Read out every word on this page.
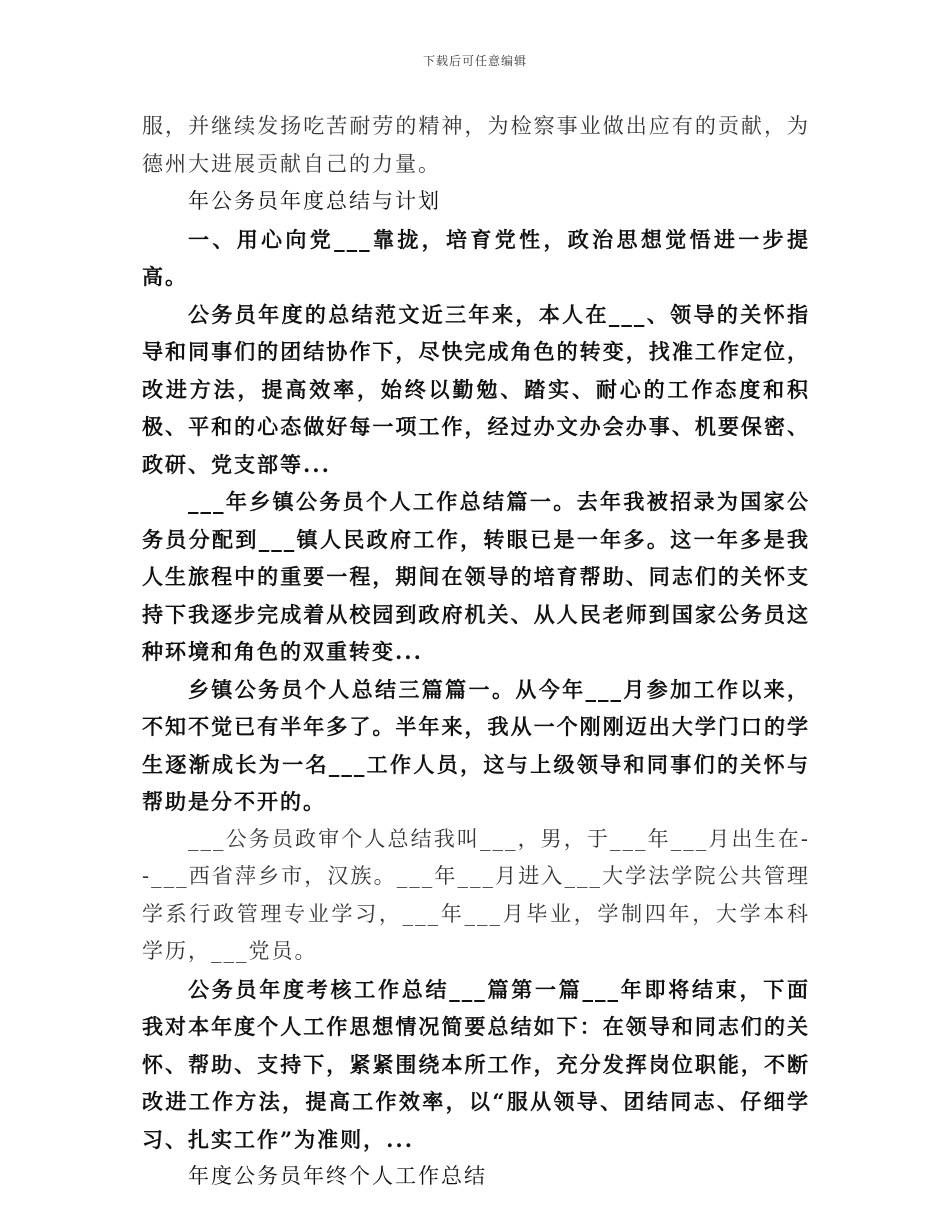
下载后可任意编辑

服，并继续发扬吃苦耐劳的精神，为检察事业做出应有的贡献，为德州大进展贡献自己的力量。

年公务员年度总结与计划

一、用心向党___靠拢，培育党性，政治思想觉悟进一步提高。

公务员年度的总结范文近三年来，本人在___、领导的关怀指导和同事们的团结协作下，尽快完成角色的转变，找准工作定位，改进方法，提高效率，始终以勤勉、踏实、耐心的工作态度和积极、平和的心态做好每一项工作，经过办文办会办事、机要保密、政研、党支部等...

___年乡镇公务员个人工作总结篇一。去年我被招录为国家公务员分配到___镇人民政府工作，转眼已是一年多。这一年多是我人生旅程中的重要一程，期间在领导的培育帮助、同志们的关怀支持下我逐步完成着从校园到政府机关、从人民老师到国家公务员这种环境和角色的双重转变...

乡镇公务员个人总结三篇篇一。从今年___月参加工作以来，不知不觉已有半年多了。半年来，我从一个刚刚迈出大学门口的学生逐渐成长为一名___工作人员，这与上级领导和同事们的关怀与帮助是分不开的。

___公务员政审个人总结我叫___，男，于___年___月出生在--___西省萍乡市，汉族。___年___月进入___大学法学院公共管理学系行政管理专业学习，___年___月毕业，学制四年，大学本科学历，___党员。

公务员年度考核工作总结___篇第一篇___年即将结束，下面我对本年度个人工作思想情况简要总结如下：在领导和同志们的关怀、帮助、支持下，紧紧围绕本所工作，充分发挥岗位职能，不断改进工作方法，提高工作效率，以“服从领导、团结同志、仔细学习、扎实工作”为准则，...

年度公务员年终个人工作总结
